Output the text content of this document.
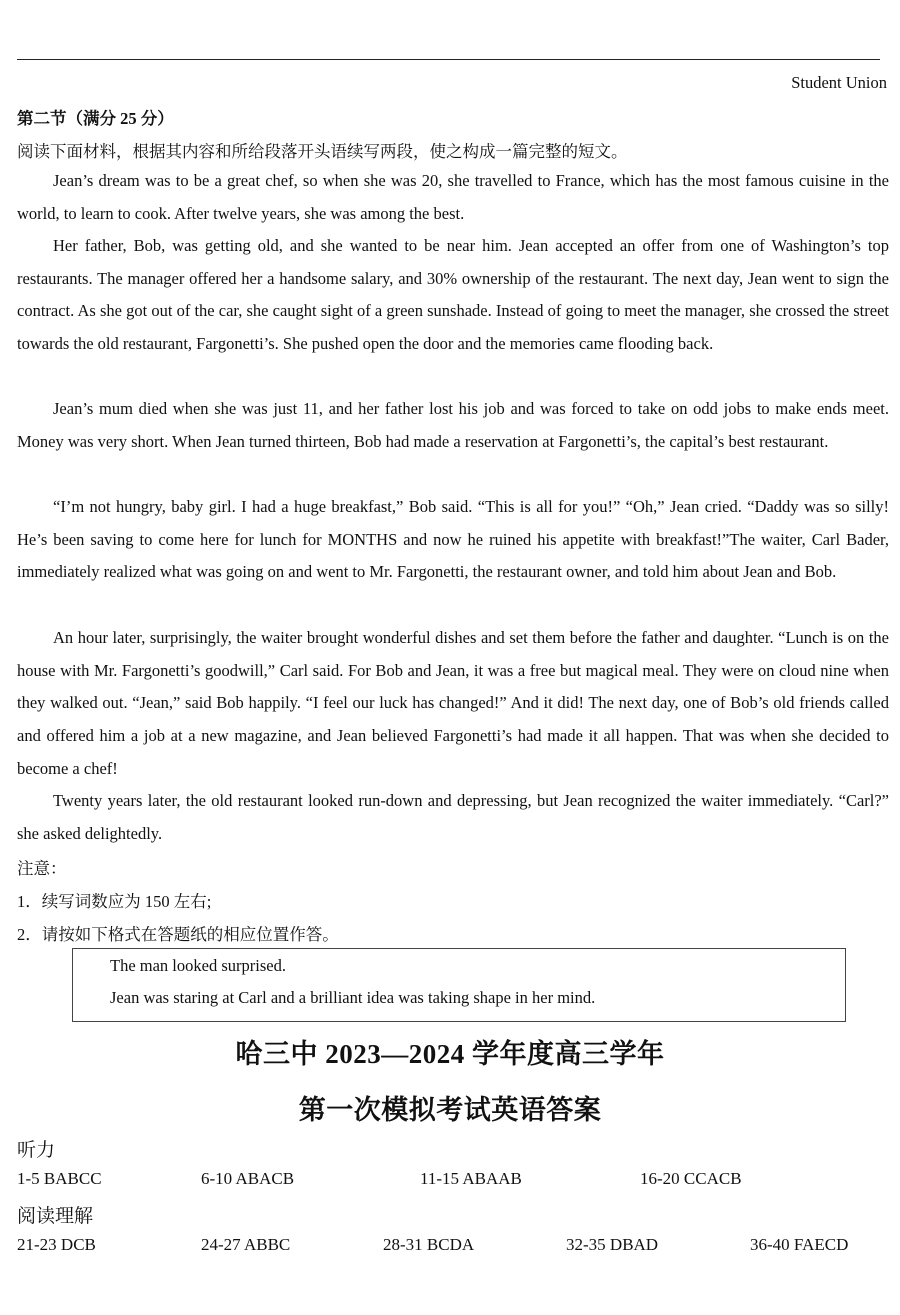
Student Union
第二节（满分 25 分）
阅读下面材料，根据其内容和所给段落开头语续写两段，使之构成一篇完整的短文。

Jean’s dream was to be a great chef, so when she was 20, she travelled to France, which has the most famous cuisine in the world, to learn to cook. After twelve years, she was among the best.

Her father, Bob, was getting old, and she wanted to be near him. Jean accepted an offer from one of Washington’s top restaurants. The manager offered her a handsome salary, and 30% ownership of the restaurant. The next day, Jean went to sign the contract. As she got out of the car, she caught sight of a green sunshade. Instead of going to meet the manager, she crossed the street towards the old restaurant, Fargonetti’s. She pushed open the door and the memories came flooding back.

Jean’s mum died when she was just 11, and her father lost his job and was forced to take on odd jobs to make ends meet. Money was very short. When Jean turned thirteen, Bob had made a reservation at Fargonetti’s, the capital’s best restaurant.

“I’m not hungry, baby girl. I had a huge breakfast,” Bob said. “This is all for you!” “Oh,” Jean cried. “Daddy was so silly! He’s been saving to come here for lunch for MONTHS and now he ruined his appetite with breakfast!”The waiter, Carl Bader, immediately realized what was going on and went to Mr. Fargonetti, the restaurant owner, and told him about Jean and Bob.

An hour later, surprisingly, the waiter brought wonderful dishes and set them before the father and daughter. “Lunch is on the house with Mr. Fargonetti’s goodwill,” Carl said. For Bob and Jean, it was a free but magical meal. They were on cloud nine when they walked out. “Jean,” said Bob happily. “I feel our luck has changed!” And it did! The next day, one of Bob’s old friends called and offered him a job at a new magazine, and Jean believed Fargonetti’s had made it all happen. That was when she decided to become a chef!

Twenty years later, the old restaurant looked run-down and depressing, but Jean recognized the waiter immediately. “Carl?” she asked delightedly.

注意：
1．续写词数应为 150 左右;
2．请按如下格式在答题纸的相应位置作答。
The man looked surprised.
Jean was staring at Carl and a brilliant idea was taking shape in her mind.
哈三中 2023—2024 学年度高三学年
第一次模拟考试英语答案
听力
1-5 BABCC	6-10 ABACB	11-15 ABAAB	16-20 CCACB
阅读理解
21-23 DCB	24-27 ABBC	28-31 BCDA	32-35 DBAD	36-40 FAECD
